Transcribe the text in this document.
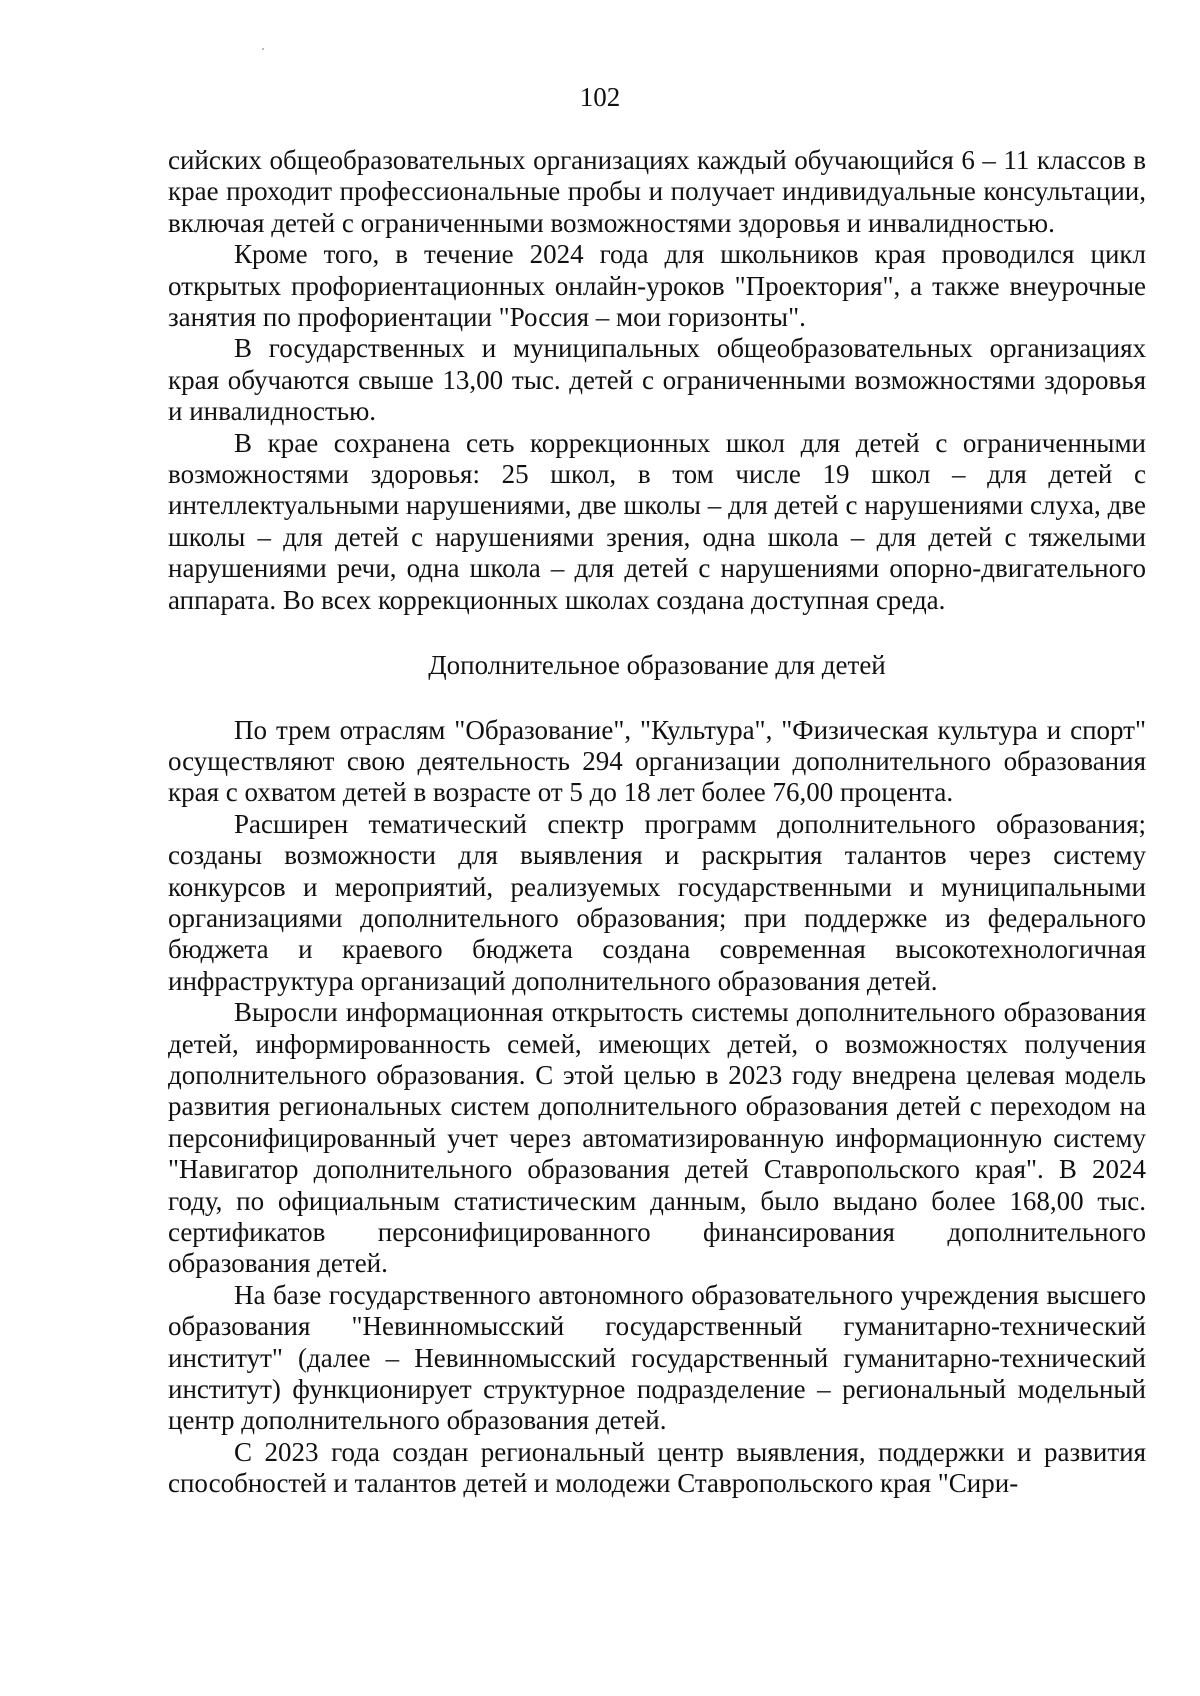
102

сийских общеобразовательных организациях каждый обучающийся 6 – 11 классов в крае проходит профессиональные пробы и получает индивидуальные консультации, включая детей с ограниченными возможностями здоровья и инвалидностью.

Кроме того, в течение 2024 года для школьников края проводился цикл открытых профориентационных онлайн-уроков "Проектория", а также внеурочные занятия по профориентации "Россия – мои горизонты".

В государственных и муниципальных общеобразовательных организациях края обучаются свыше 13,00 тыс. детей с ограниченными возможностями здоровья и инвалидностью.

В крае сохранена сеть коррекционных школ для детей с ограниченными возможностями здоровья: 25 школ, в том числе 19 школ – для детей с интеллектуальными нарушениями, две школы – для детей с нарушениями слуха, две школы – для детей с нарушениями зрения, одна школа – для детей с тяжелыми нарушениями речи, одна школа – для детей с нарушениями опорно-двигательного аппарата. Во всех коррекционных школах создана доступная среда.

Дополнительное образование для детей

По трем отраслям "Образование", "Культура", "Физическая культура и спорт" осуществляют свою деятельность 294 организации дополнительного образования края с охватом детей в возрасте от 5 до 18 лет более 76,00 процента.

Расширен тематический спектр программ дополнительного образования; созданы возможности для выявления и раскрытия талантов через систему конкурсов и мероприятий, реализуемых государственными и муниципальными организациями дополнительного образования; при поддержке из федерального бюджета и краевого бюджета создана современная высокотехнологичная инфраструктура организаций дополнительного образования детей.

Выросли информационная открытость системы дополнительного образования детей, информированность семей, имеющих детей, о возможностях получения дополнительного образования. С этой целью в 2023 году внедрена целевая модель развития региональных систем дополнительного образования детей с переходом на персонифицированный учет через автоматизированную информационную систему "Навигатор дополнительного образования детей Ставропольского края". В 2024 году, по официальным статистическим данным, было выдано более 168,00 тыс. сертификатов персонифицированного финансирования дополнительного образования детей.

На базе государственного автономного образовательного учреждения высшего образования "Невинномысский государственный гуманитарно-технический институт" (далее – Невинномысский государственный гуманитарно-технический институт) функционирует структурное подразделение – региональный модельный центр дополнительного образования детей.

С 2023 года создан региональный центр выявления, поддержки и развития способностей и талантов детей и молодежи Ставропольского края "Сири-
